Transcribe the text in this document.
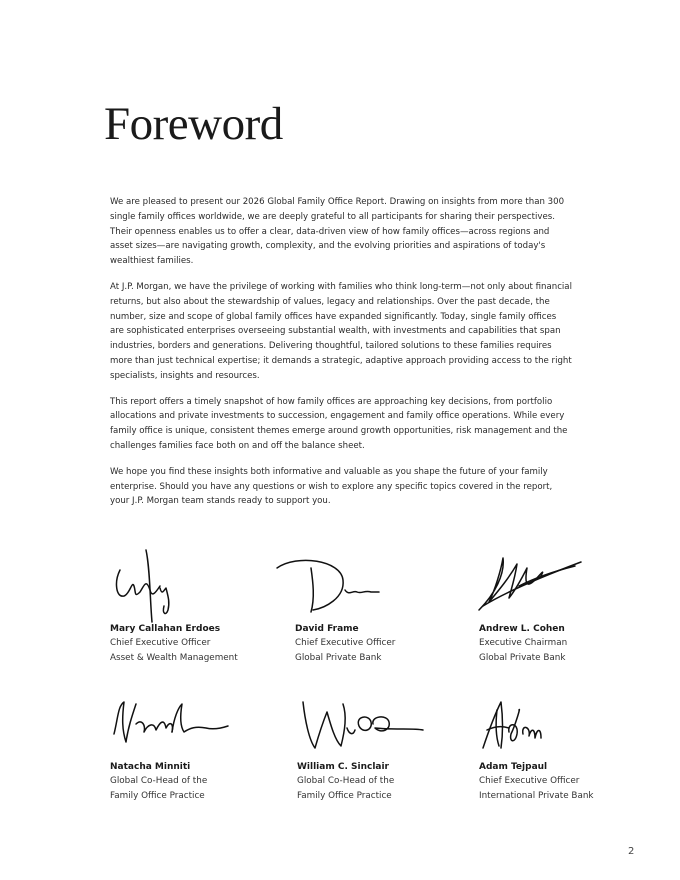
Foreword

We are pleased to present our 2026 Global Family Office Report. Drawing on insights from more than 300 single family offices worldwide, we are deeply grateful to all participants for sharing their perspectives. Their openness enables us to offer a clear, data-driven view of how family offices—across regions and asset sizes—are navigating growth, complexity, and the evolving priorities and aspirations of today's wealthiest families.

At J.P. Morgan, we have the privilege of working with families who think long-term—not only about financial returns, but also about the stewardship of values, legacy and relationships. Over the past decade, the number, size and scope of global family offices have expanded significantly. Today, single family offices are sophisticated enterprises overseeing substantial wealth, with investments and capabilities that span industries, borders and generations. Delivering thoughtful, tailored solutions to these families requires more than just technical expertise; it demands a strategic, adaptive approach providing access to the right specialists, insights and resources.

This report offers a timely snapshot of how family offices are approaching key decisions, from portfolio allocations and private investments to succession, engagement and family office operations. While every family office is unique, consistent themes emerge around growth opportunities, risk management and the challenges families face both on and off the balance sheet.

We hope you find these insights both informative and valuable as you shape the future of your family enterprise. Should you have any questions or wish to explore any specific topics covered in the report, your J.P. Morgan team stands ready to support you.

Mary Callahan Erdoes
Chief Executive Officer
Asset & Wealth Management
David Frame
Chief Executive Officer
Global Private Bank
Andrew L. Cohen
Executive Chairman
Global Private Bank
Natacha Minniti
Global Co-Head of the
Family Office Practice
William C. Sinclair
Global Co-Head of the
Family Office Practice
Adam Tejpaul
Chief Executive Officer
International Private Bank
2
